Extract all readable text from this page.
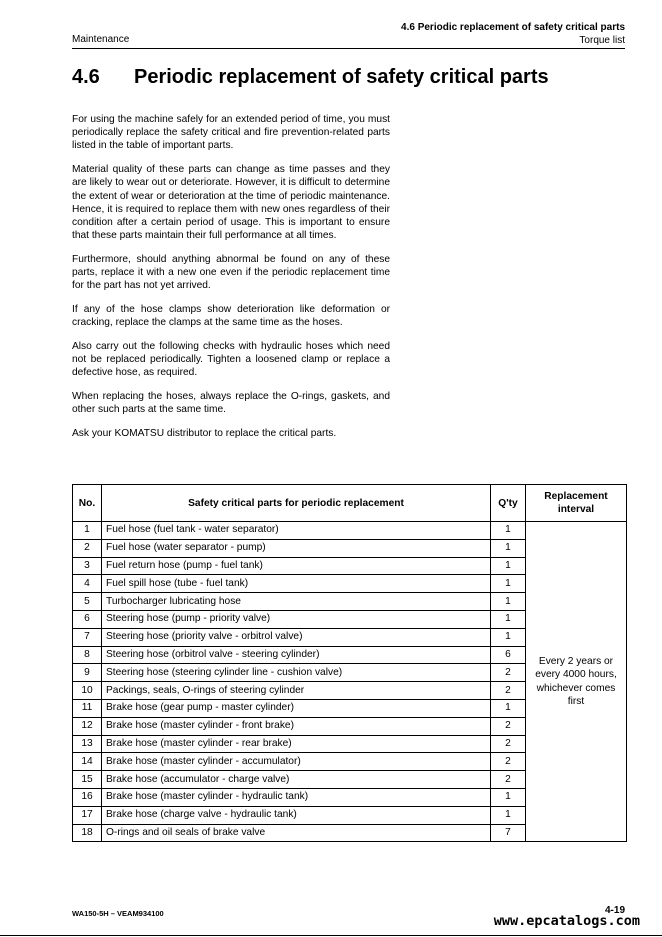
Maintenance
4.6 Periodic replacement of safety critical parts
Torque list
4.6 Periodic replacement of safety critical parts

For using the machine safely for an extended period of time, you must periodically replace the safety critical and fire prevention-related parts listed in the table of important parts.

Material quality of these parts can change as time passes and they are likely to wear out or deteriorate. However, it is difficult to determine the extent of wear or deterioration at the time of periodic maintenance. Hence, it is required to replace them with new ones regardless of their condition after a certain period of usage. This is important to ensure that these parts maintain their full performance at all times.

Furthermore, should anything abnormal be found on any of these parts, replace it with a new one even if the periodic replacement time for the part has not yet arrived.

If any of the hose clamps show deterioration like deformation or cracking, replace the clamps at the same time as the hoses.

Also carry out the following checks with hydraulic hoses which need not be replaced periodically. Tighten a loosened clamp or replace a defective hose, as required.

When replacing the hoses, always replace the O-rings, gaskets, and other such parts at the same time.

Ask your KOMATSU distributor to replace the critical parts.

No.	Safety critical parts for periodic replacement	Q'ty	Replacement interval
1	Fuel hose (fuel tank - water separator)	1	Every 2 years or every 4000 hours, whichever comes first
2	Fuel hose (water separator - pump)	1	
3	Fuel return hose (pump - fuel tank)	1	
4	Fuel spill hose (tube - fuel tank)	1	
5	Turbocharger lubricating hose	1	
6	Steering hose (pump - priority valve)	1	
7	Steering hose (priority valve - orbitrol valve)	1	
8	Steering hose (orbitrol valve - steering cylinder)	6	
9	Steering hose (steering cylinder line - cushion valve)	2	
10	Packings, seals, O-rings of steering cylinder	2	
11	Brake hose (gear pump - master cylinder)	1	
12	Brake hose (master cylinder - front brake)	2	
13	Brake hose (master cylinder - rear brake)	2	
14	Brake hose (master cylinder - accumulator)	2	
15	Brake hose (accumulator - charge valve)	2	
16	Brake hose (master cylinder - hydraulic tank)	1	
17	Brake hose (charge valve - hydraulic tank)	1	
18	O-rings and oil seals of brake valve	7	
WA150-5H – VEAM934100	4-19
www.epcatalogs.com
